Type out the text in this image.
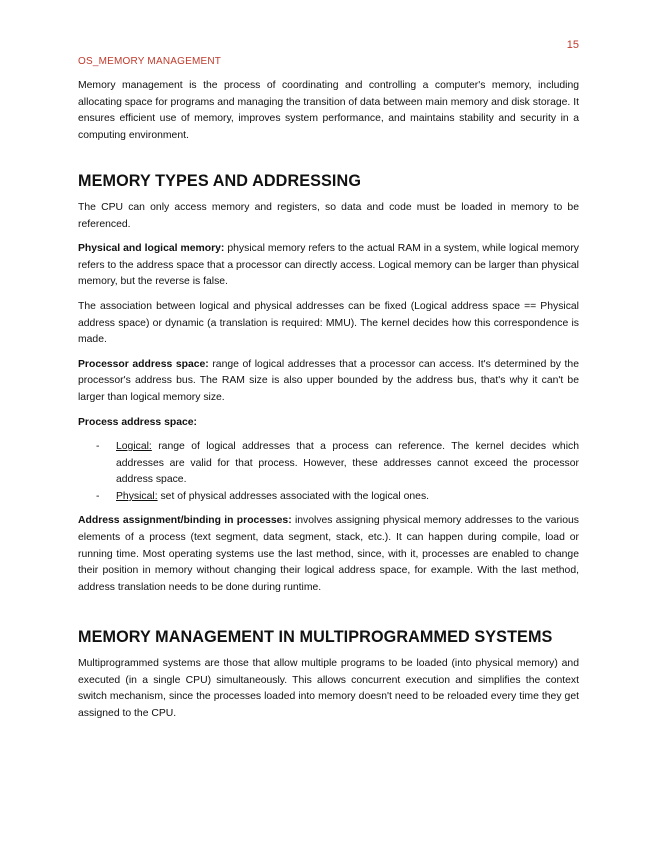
15
OS_MEMORY MANAGEMENT

Memory management is the process of coordinating and controlling a computer's memory, including allocating space for programs and managing the transition of data between main memory and disk storage. It ensures efficient use of memory, improves system performance, and maintains stability and security in a computing environment.

MEMORY TYPES AND ADDRESSING

The CPU can only access memory and registers, so data and code must be loaded in memory to be referenced.

Physical and logical memory: physical memory refers to the actual RAM in a system, while logical memory refers to the address space that a processor can directly access. Logical memory can be larger than physical memory, but the reverse is false.

The association between logical and physical addresses can be fixed (Logical address space == Physical address space) or dynamic (a translation is required: MMU). The kernel decides how this correspondence is made.

Processor address space: range of logical addresses that a processor can access. It's determined by the processor's address bus. The RAM size is also upper bounded by the address bus, that's why it can't be larger than logical memory size.

Process address space:

- Logical: range of logical addresses that a process can reference. The kernel decides which addresses are valid for that process. However, these addresses cannot exceed the processor address space.
- Physical: set of physical addresses associated with the logical ones.

Address assignment/binding in processes: involves assigning physical memory addresses to the various elements of a process (text segment, data segment, stack, etc.). It can happen during compile, load or running time. Most operating systems use the last method, since, with it, processes are enabled to change their position in memory without changing their logical address space, for example. With the last method, address translation needs to be done during runtime.

MEMORY MANAGEMENT IN MULTIPROGRAMMED SYSTEMS

Multiprogrammed systems are those that allow multiple programs to be loaded (into physical memory) and executed (in a single CPU) simultaneously. This allows concurrent execution and simplifies the context switch mechanism, since the processes loaded into memory doesn't need to be reloaded every time they get assigned to the CPU.
